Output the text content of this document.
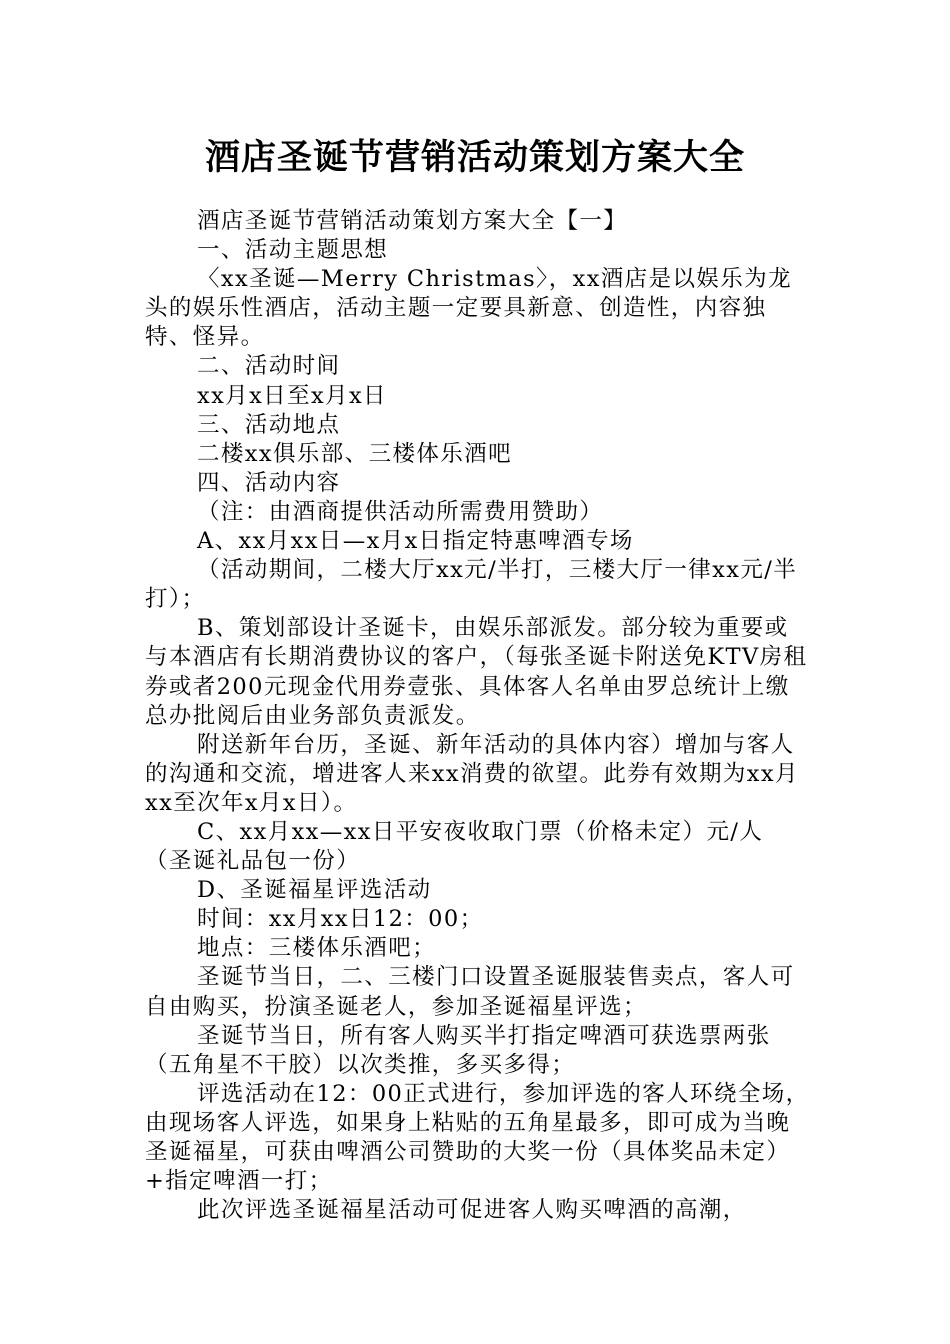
酒店圣诞节营销活动策划方案大全

酒店圣诞节营销活动策划方案大全【一】

一、活动主题思想

〈xx圣诞—Merry Christmas〉，xx酒店是以娱乐为龙头的娱乐性酒店，活动主题一定要具新意、创造性，内容独特、怪异。

二、活动时间

xx月x日至x月x日

三、活动地点

二楼xx俱乐部、三楼体乐酒吧

四、活动内容

（注：由酒商提供活动所需费用赞助）

A、xx月xx日—x月x日指定特惠啤酒专场

（活动期间，二楼大厅xx元/半打，三楼大厅一律xx元/半打）；

B、策划部设计圣诞卡，由娱乐部派发。部分较为重要或与本酒店有长期消费协议的客户，（每张圣诞卡附送免KTV房租券或者200元现金代用券壹张、具体客人名单由罗总统计上缴总办批阅后由业务部负责派发。

附送新年台历，圣诞、新年活动的具体内容）增加与客人的沟通和交流，增进客人来xx消费的欲望。此券有效期为xx月xx至次年x月x日）。

C、xx月xx—xx日平安夜收取门票（价格未定）元/人（圣诞礼品包一份）

D、圣诞福星评选活动

时间：xx月xx日12：00；

地点：三楼体乐酒吧；

圣诞节当日，二、三楼门口设置圣诞服装售卖点，客人可自由购买，扮演圣诞老人，参加圣诞福星评选；

圣诞节当日，所有客人购买半打指定啤酒可获选票两张（五角星不干胶）以次类推，多买多得；

评选活动在12：00正式进行，参加评选的客人环绕全场，由现场客人评选，如果身上粘贴的五角星最多，即可成为当晚圣诞福星，可获由啤酒公司赞助的大奖一份（具体奖品未定）+指定啤酒一打；

此次评选圣诞福星活动可促进客人购买啤酒的高潮，
